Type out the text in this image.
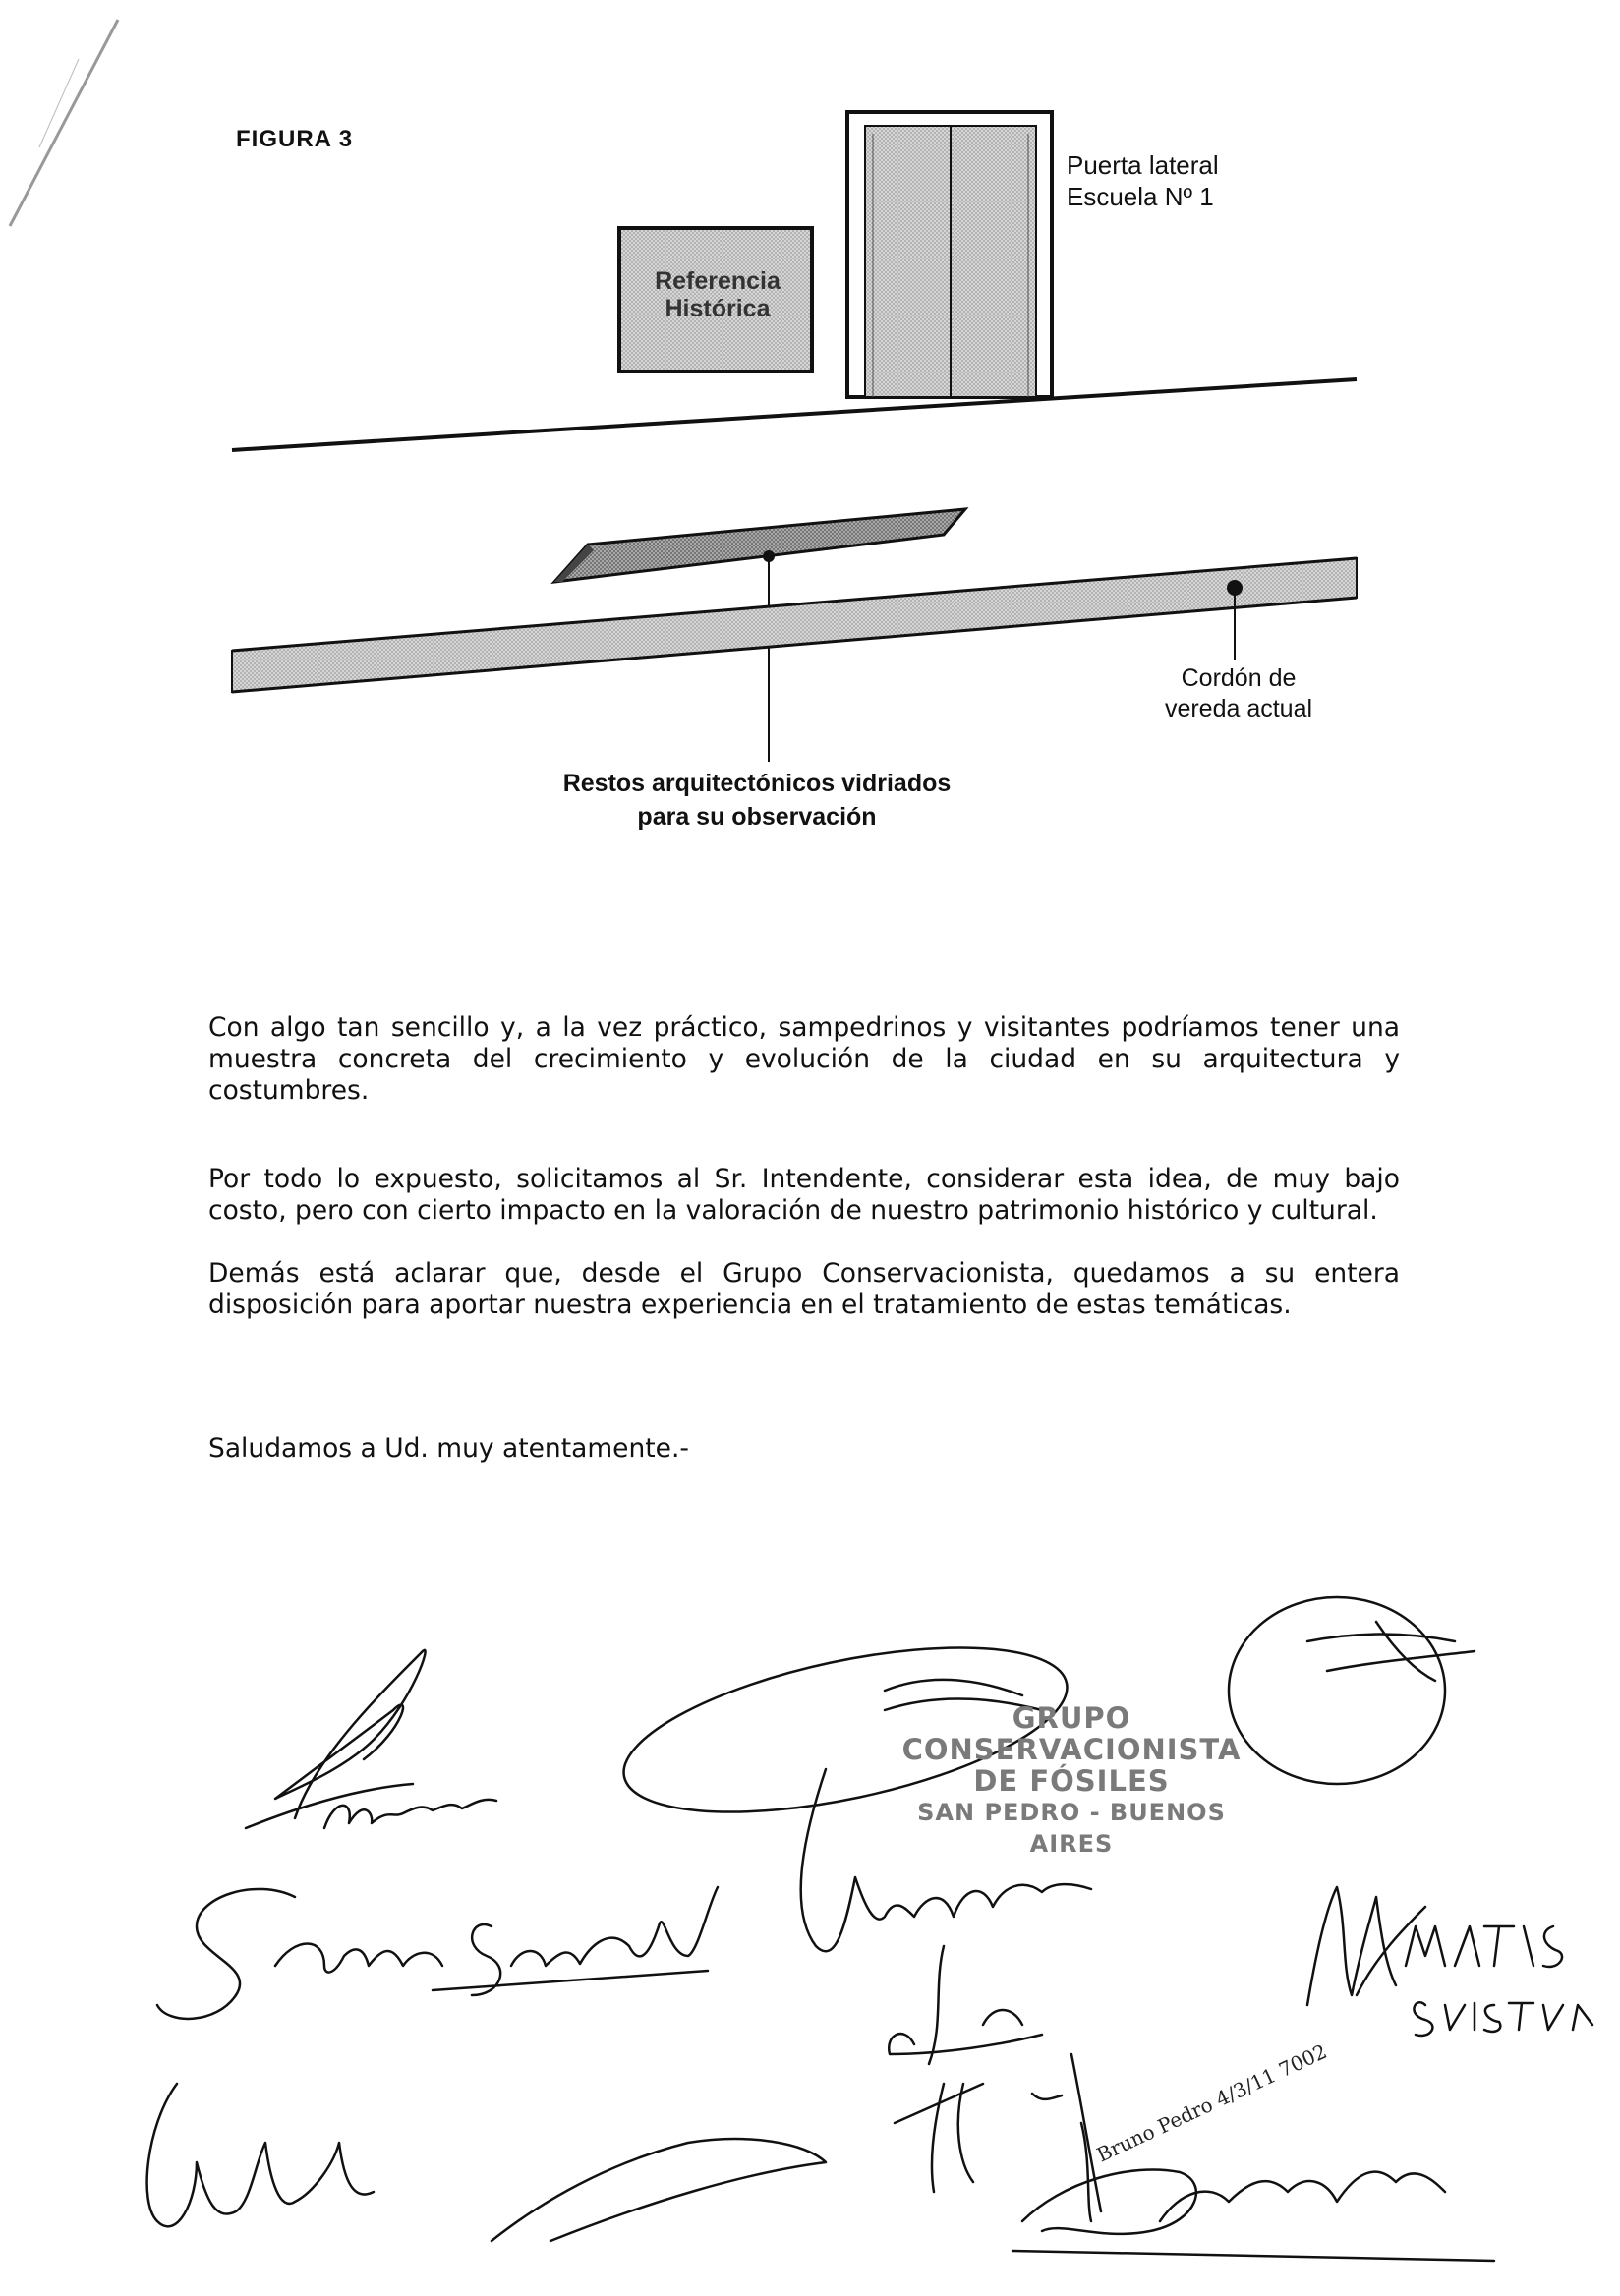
FIGURA 3
Puerta lateral
Escuela Nº 1
Referencia
Histórica
Cordón de
vereda actual
Restos arquitectónicos vidriados
para su observación

Con algo tan sencillo y, a la vez práctico, sampedrinos y visitantes podríamos tener una muestra concreta del crecimiento y evolución de la ciudad en su arquitectura y costumbres.

Por todo lo expuesto, solicitamos al Sr. Intendente, considerar esta idea, de muy bajo costo, pero con cierto impacto en la valoración de nuestro patrimonio histórico y cultural.

Demás está aclarar que, desde el Grupo Conservacionista, quedamos a su entera disposición para aportar nuestra experiencia en el tratamiento de estas temáticas.

Saludamos a Ud. muy atentamente.-

Bruno Pedro 4/3/11 7002
GRUPO
CONSERVACIONISTA
DE FÓSILES
SAN PEDRO - BUENOS AIRES
